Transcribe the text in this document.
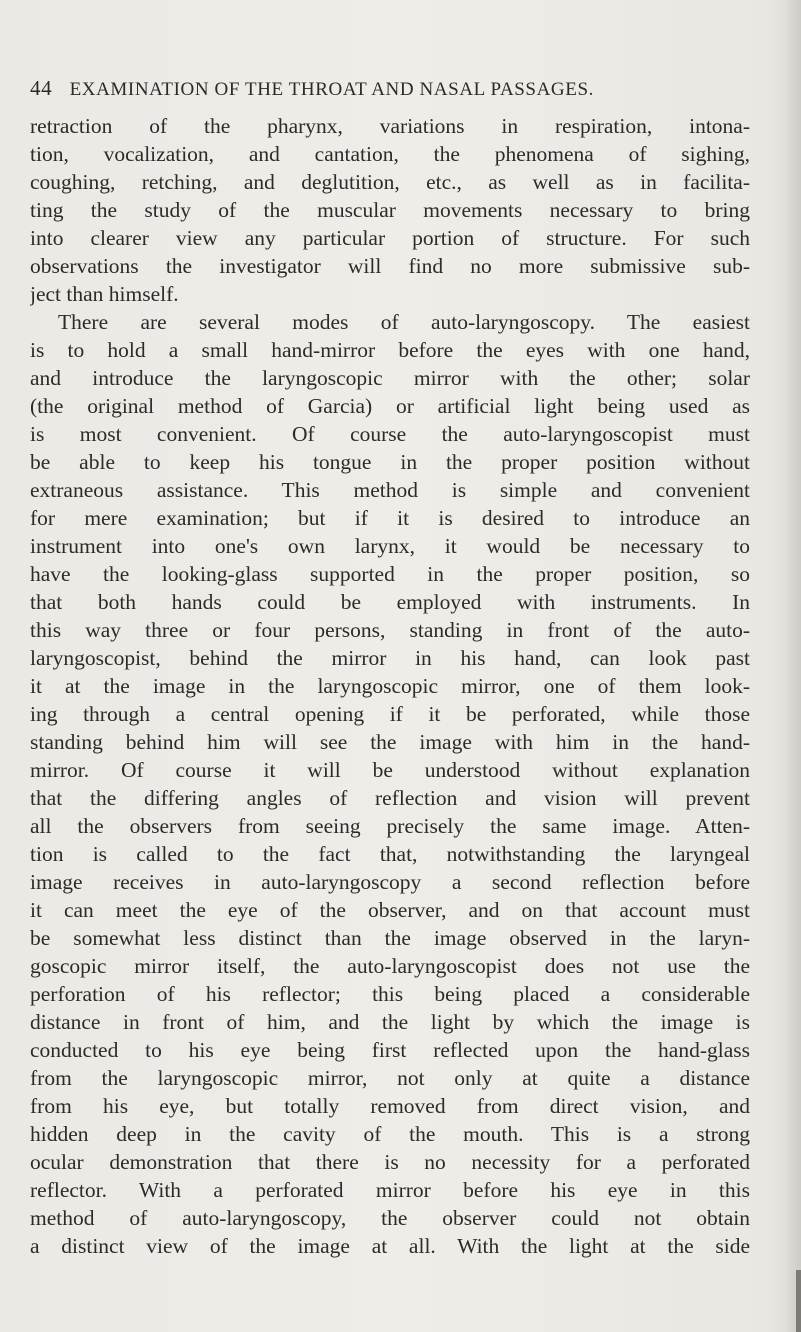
44 EXAMINATION OF THE THROAT AND NASAL PASSAGES.
retraction of the pharynx, variations in respiration, intona-
tion, vocalization, and cantation, the phenomena of sighing,
coughing, retching, and deglutition, etc., as well as in facilita-
ting the study of the muscular movements necessary to bring
into clearer view any particular portion of structure. For such
observations the investigator will find no more submissive sub-
ject than himself.
There are several modes of auto-laryngoscopy. The easiest
is to hold a small hand-mirror before the eyes with one hand,
and introduce the laryngoscopic mirror with the other; solar
(the original method of Garcia) or artificial light being used as
is most convenient. Of course the auto-laryngoscopist must
be able to keep his tongue in the proper position without
extraneous assistance. This method is simple and convenient
for mere examination; but if it is desired to introduce an
instrument into one's own larynx, it would be necessary to
have the looking-glass supported in the proper position, so
that both hands could be employed with instruments. In
this way three or four persons, standing in front of the auto-
laryngoscopist, behind the mirror in his hand, can look past
it at the image in the laryngoscopic mirror, one of them look-
ing through a central opening if it be perforated, while those
standing behind him will see the image with him in the hand-
mirror. Of course it will be understood without explanation
that the differing angles of reflection and vision will prevent
all the observers from seeing precisely the same image. Atten-
tion is called to the fact that, notwithstanding the laryngeal
image receives in auto-laryngoscopy a second reflection before
it can meet the eye of the observer, and on that account must
be somewhat less distinct than the image observed in the laryn-
goscopic mirror itself, the auto-laryngoscopist does not use the
perforation of his reflector; this being placed a considerable
distance in front of him, and the light by which the image is
conducted to his eye being first reflected upon the hand-glass
from the laryngoscopic mirror, not only at quite a distance
from his eye, but totally removed from direct vision, and
hidden deep in the cavity of the mouth. This is a strong
ocular demonstration that there is no necessity for a perforated
reflector. With a perforated mirror before his eye in this
method of auto-laryngoscopy, the observer could not obtain
a distinct view of the image at all. With the light at the side
